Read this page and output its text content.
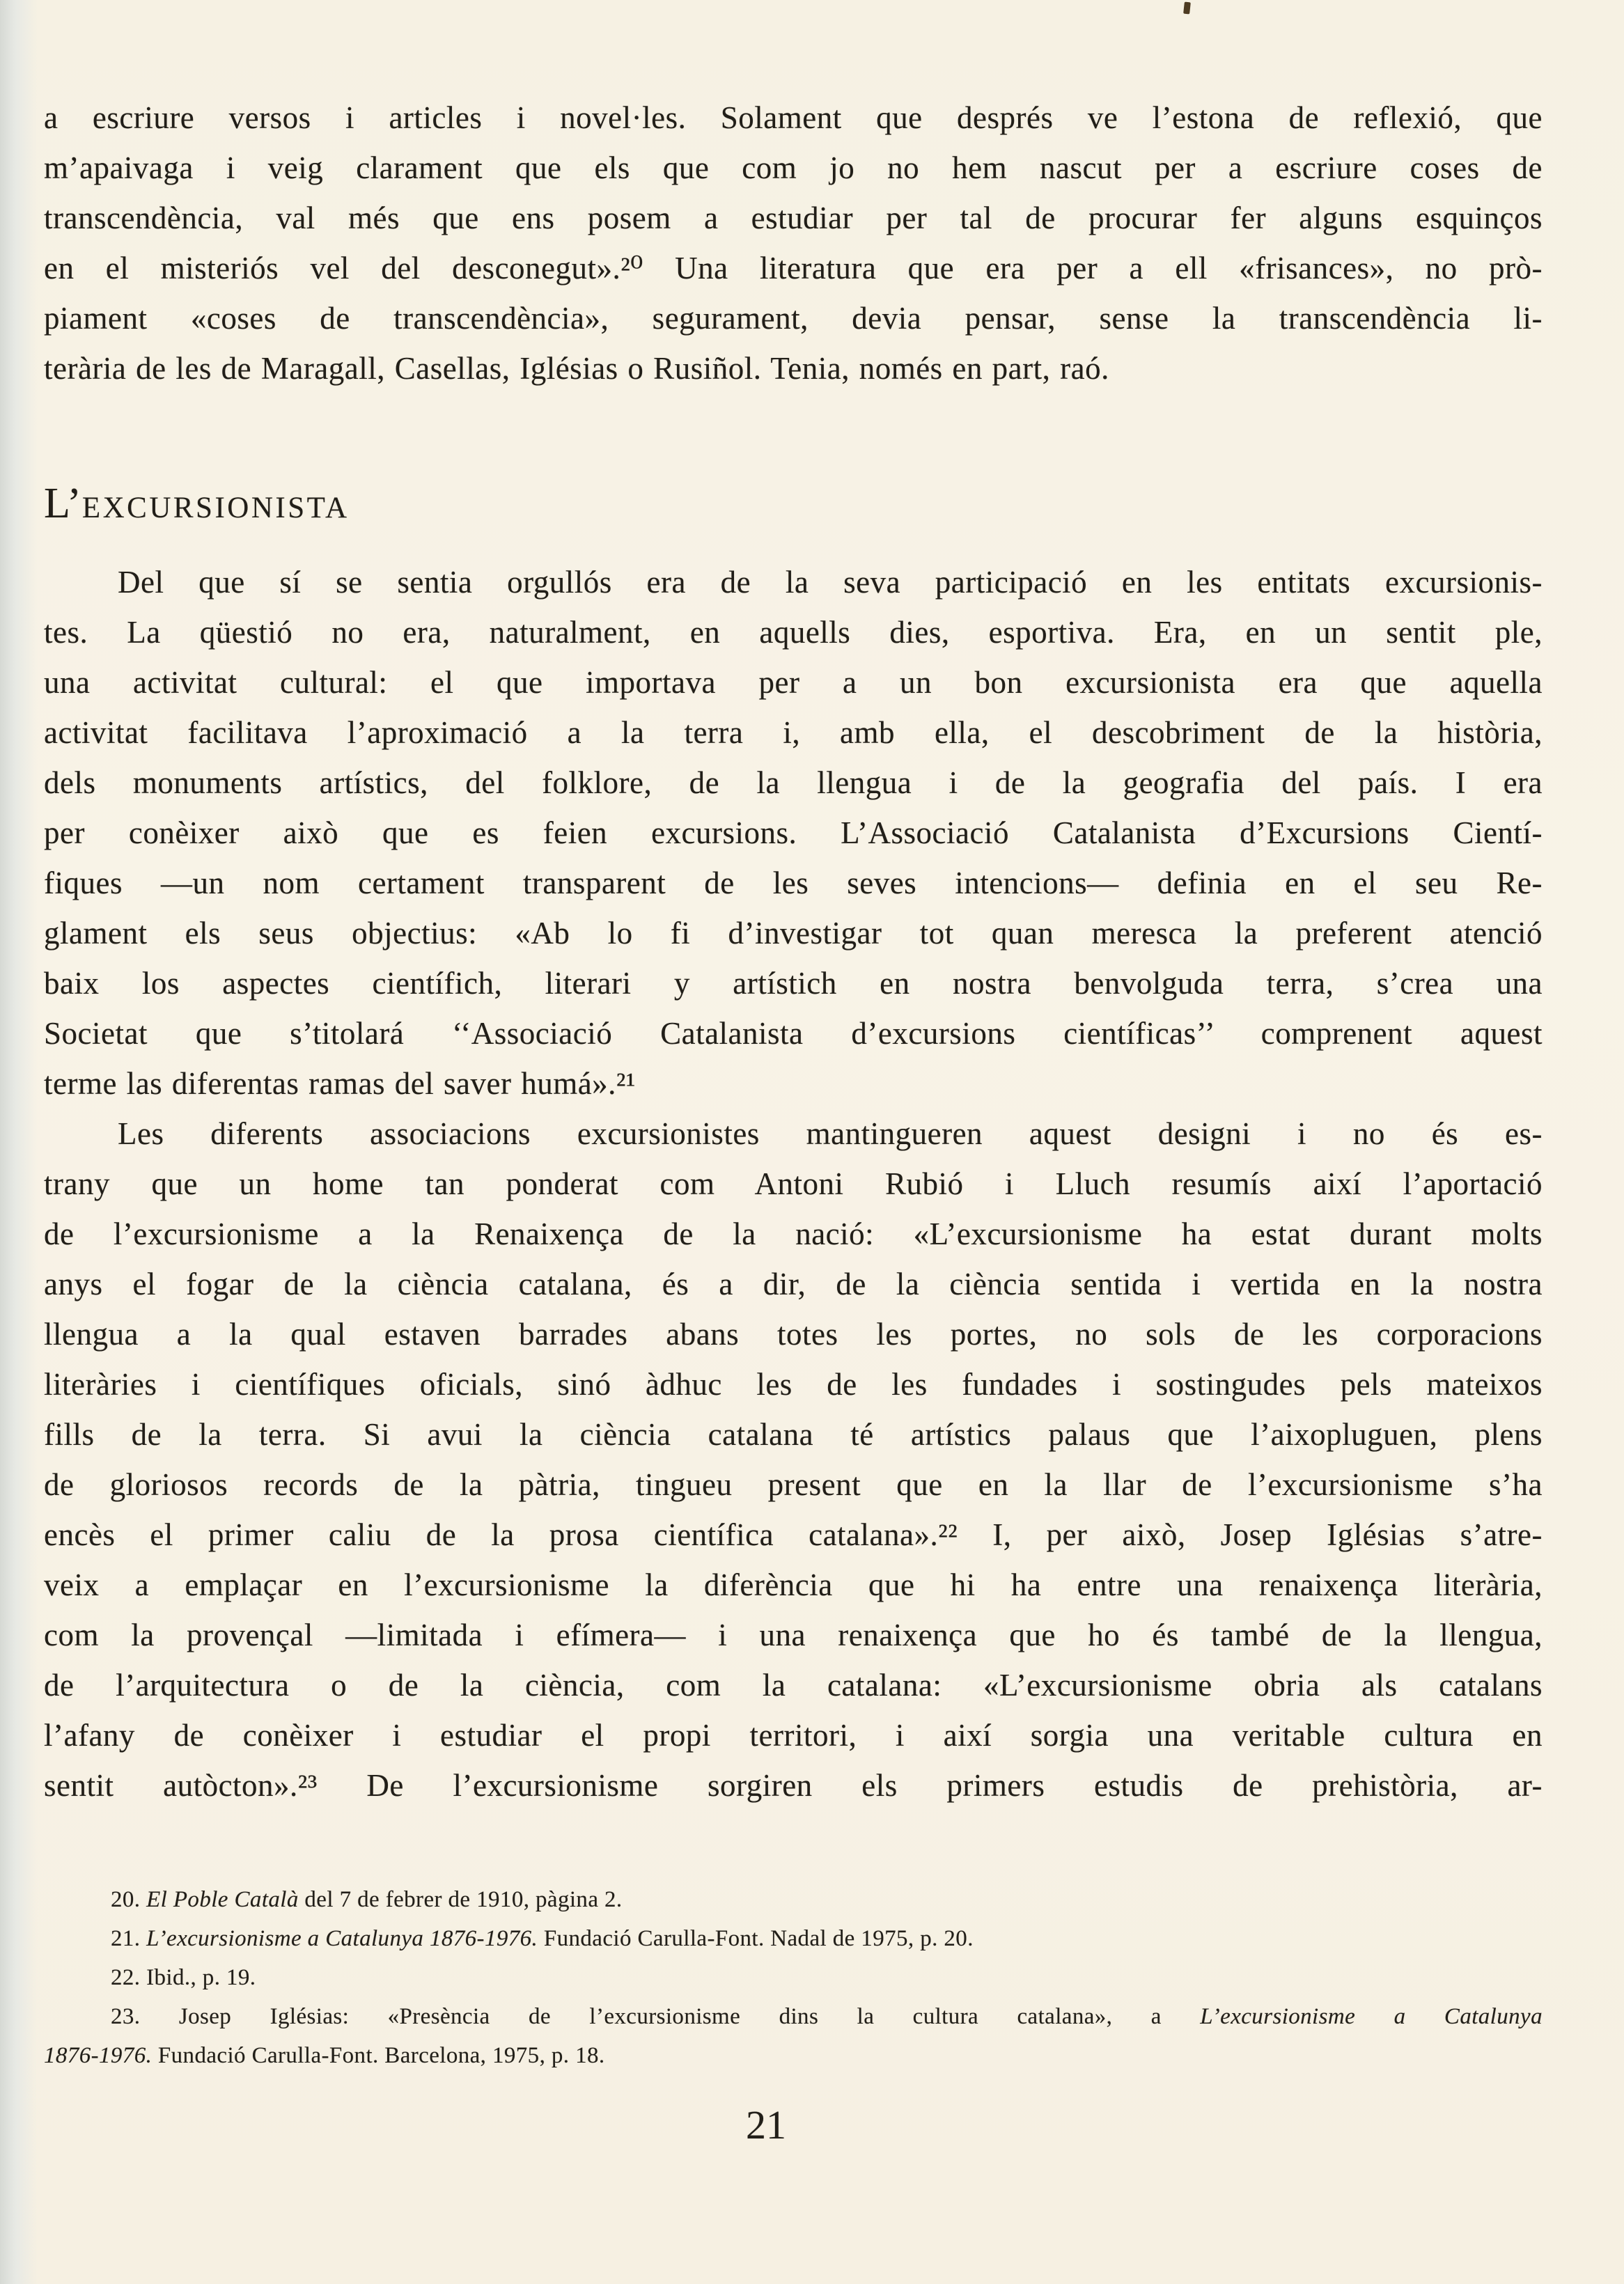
a escriure versos i articles i novel·les. Solament que després ve l’estona de reflexió, que
m’apaivaga i veig clarament que els que com jo no hem nascut per a escriure coses de
transcendència, val més que ens posem a estudiar per tal de procurar fer alguns esquinços
en el misteriós vel del desconegut».²⁰ Una literatura que era per a ell «frisances», no prò-
piament «coses de transcendència», segurament, devia pensar, sense la transcendència li-
terària de les de Maragall, Casellas, Iglésias o Rusiñol. Tenia, només en part, raó.
L’EXCURSIONISTA
Del que sí se sentia orgullós era de la seva participació en les entitats excursionis-
tes. La qüestió no era, naturalment, en aquells dies, esportiva. Era, en un sentit ple,
una activitat cultural: el que importava per a un bon excursionista era que aquella
activitat facilitava l’aproximació a la terra i, amb ella, el descobriment de la història,
dels monuments artístics, del folklore, de la llengua i de la geografia del país. I era
per conèixer això que es feien excursions. L’Associació Catalanista d’Excursions Cientí-
fiques —un nom certament transparent de les seves intencions— definia en el seu Re-
glament els seus objectius: «Ab lo fi d’investigar tot quan meresca la preferent atenció
baix los aspectes científich, literari y artístich en nostra benvolguda terra, s’crea una
Societat que s’titolará ‘‘Associació Catalanista d’excursions científicas’’ comprenent aquest
terme las diferentas ramas del saver humá».²¹
Les diferents associacions excursionistes mantingueren aquest designi i no és es-
trany que un home tan ponderat com Antoni Rubió i Lluch resumís així l’aportació
de l’excursionisme a la Renaixença de la nació: «L’excursionisme ha estat durant molts
anys el fogar de la ciència catalana, és a dir, de la ciència sentida i vertida en la nostra
llengua a la qual estaven barrades abans totes les portes, no sols de les corporacions
literàries i científiques oficials, sinó àdhuc les de les fundades i sostingudes pels mateixos
fills de la terra. Si avui la ciència catalana té artístics palaus que l’aixopluguen, plens
de gloriosos records de la pàtria, tingueu present que en la llar de l’excursionisme s’ha
encès el primer caliu de la prosa científica catalana».²² I, per això, Josep Iglésias s’atre-
veix a emplaçar en l’excursionisme la diferència que hi ha entre una renaixença literària,
com la provençal —limitada i efímera— i una renaixença que ho és també de la llengua,
de l’arquitectura o de la ciència, com la catalana: «L’excursionisme obria als catalans
l’afany de conèixer i estudiar el propi territori, i així sorgia una veritable cultura en
sentit autòcton».²³ De l’excursionisme sorgiren els primers estudis de prehistòria, ar-
20. El Poble Català del 7 de febrer de 1910, pàgina 2.
21. L’excursionisme a Catalunya 1876-1976. Fundació Carulla-Font. Nadal de 1975, p. 20.
22. Ibid., p. 19.
23. Josep Iglésias: «Presència de l’excursionisme dins la cultura catalana», a L’excursionisme a Catalunya
1876-1976. Fundació Carulla-Font. Barcelona, 1975, p. 18.
21
